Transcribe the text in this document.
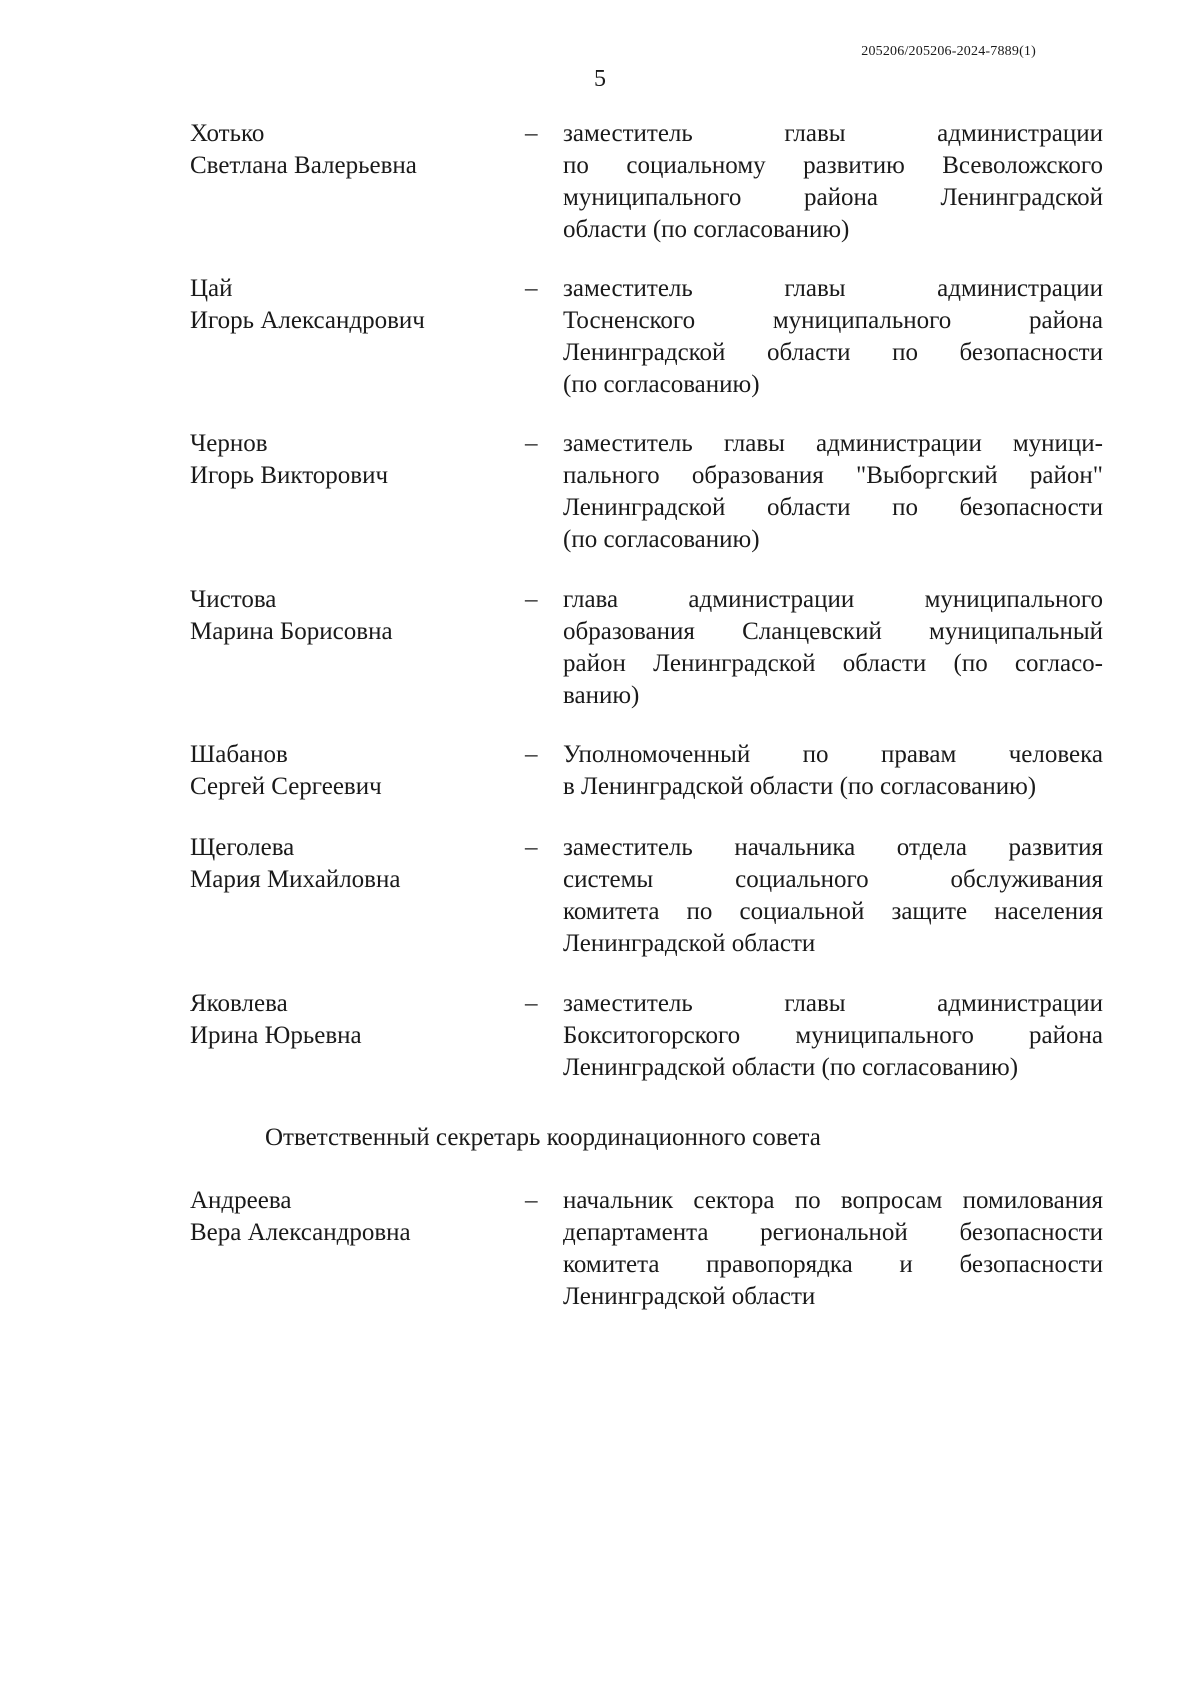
205206/205206-2024-7889(1)
5
Хотько
Светлана Валерьевна
– заместитель главы администрации
по социальному развитию Всеволожского
муниципального района Ленинградской
области (по согласованию)
Цай
Игорь Александрович
– заместитель главы администрации
Тосненского муниципального района
Ленинградской области по безопасности
(по согласованию)
Чернов
Игорь Викторович
– заместитель главы администрации муници-
пального образования "Выборгский район"
Ленинградской области по безопасности
(по согласованию)
Чистова
Марина Борисовна
– глава администрации муниципального
образования Сланцевский муниципальный
район Ленинградской области (по согласо-
ванию)
Шабанов
Сергей Сергеевич
– Уполномоченный по правам человека
в Ленинградской области (по согласованию)
Щеголева
Мария Михайловна
– заместитель начальника отдела развития
системы социального обслуживания
комитета по социальной защите населения
Ленинградской области
Яковлева
Ирина Юрьевна
– заместитель главы администрации
Бокситогорского муниципального района
Ленинградской области (по согласованию)
Ответственный секретарь координационного совета
Андреева
Вера Александровна
– начальник сектора по вопросам помилования
департамента региональной безопасности
комитета правопорядка и безопасности
Ленинградской области
